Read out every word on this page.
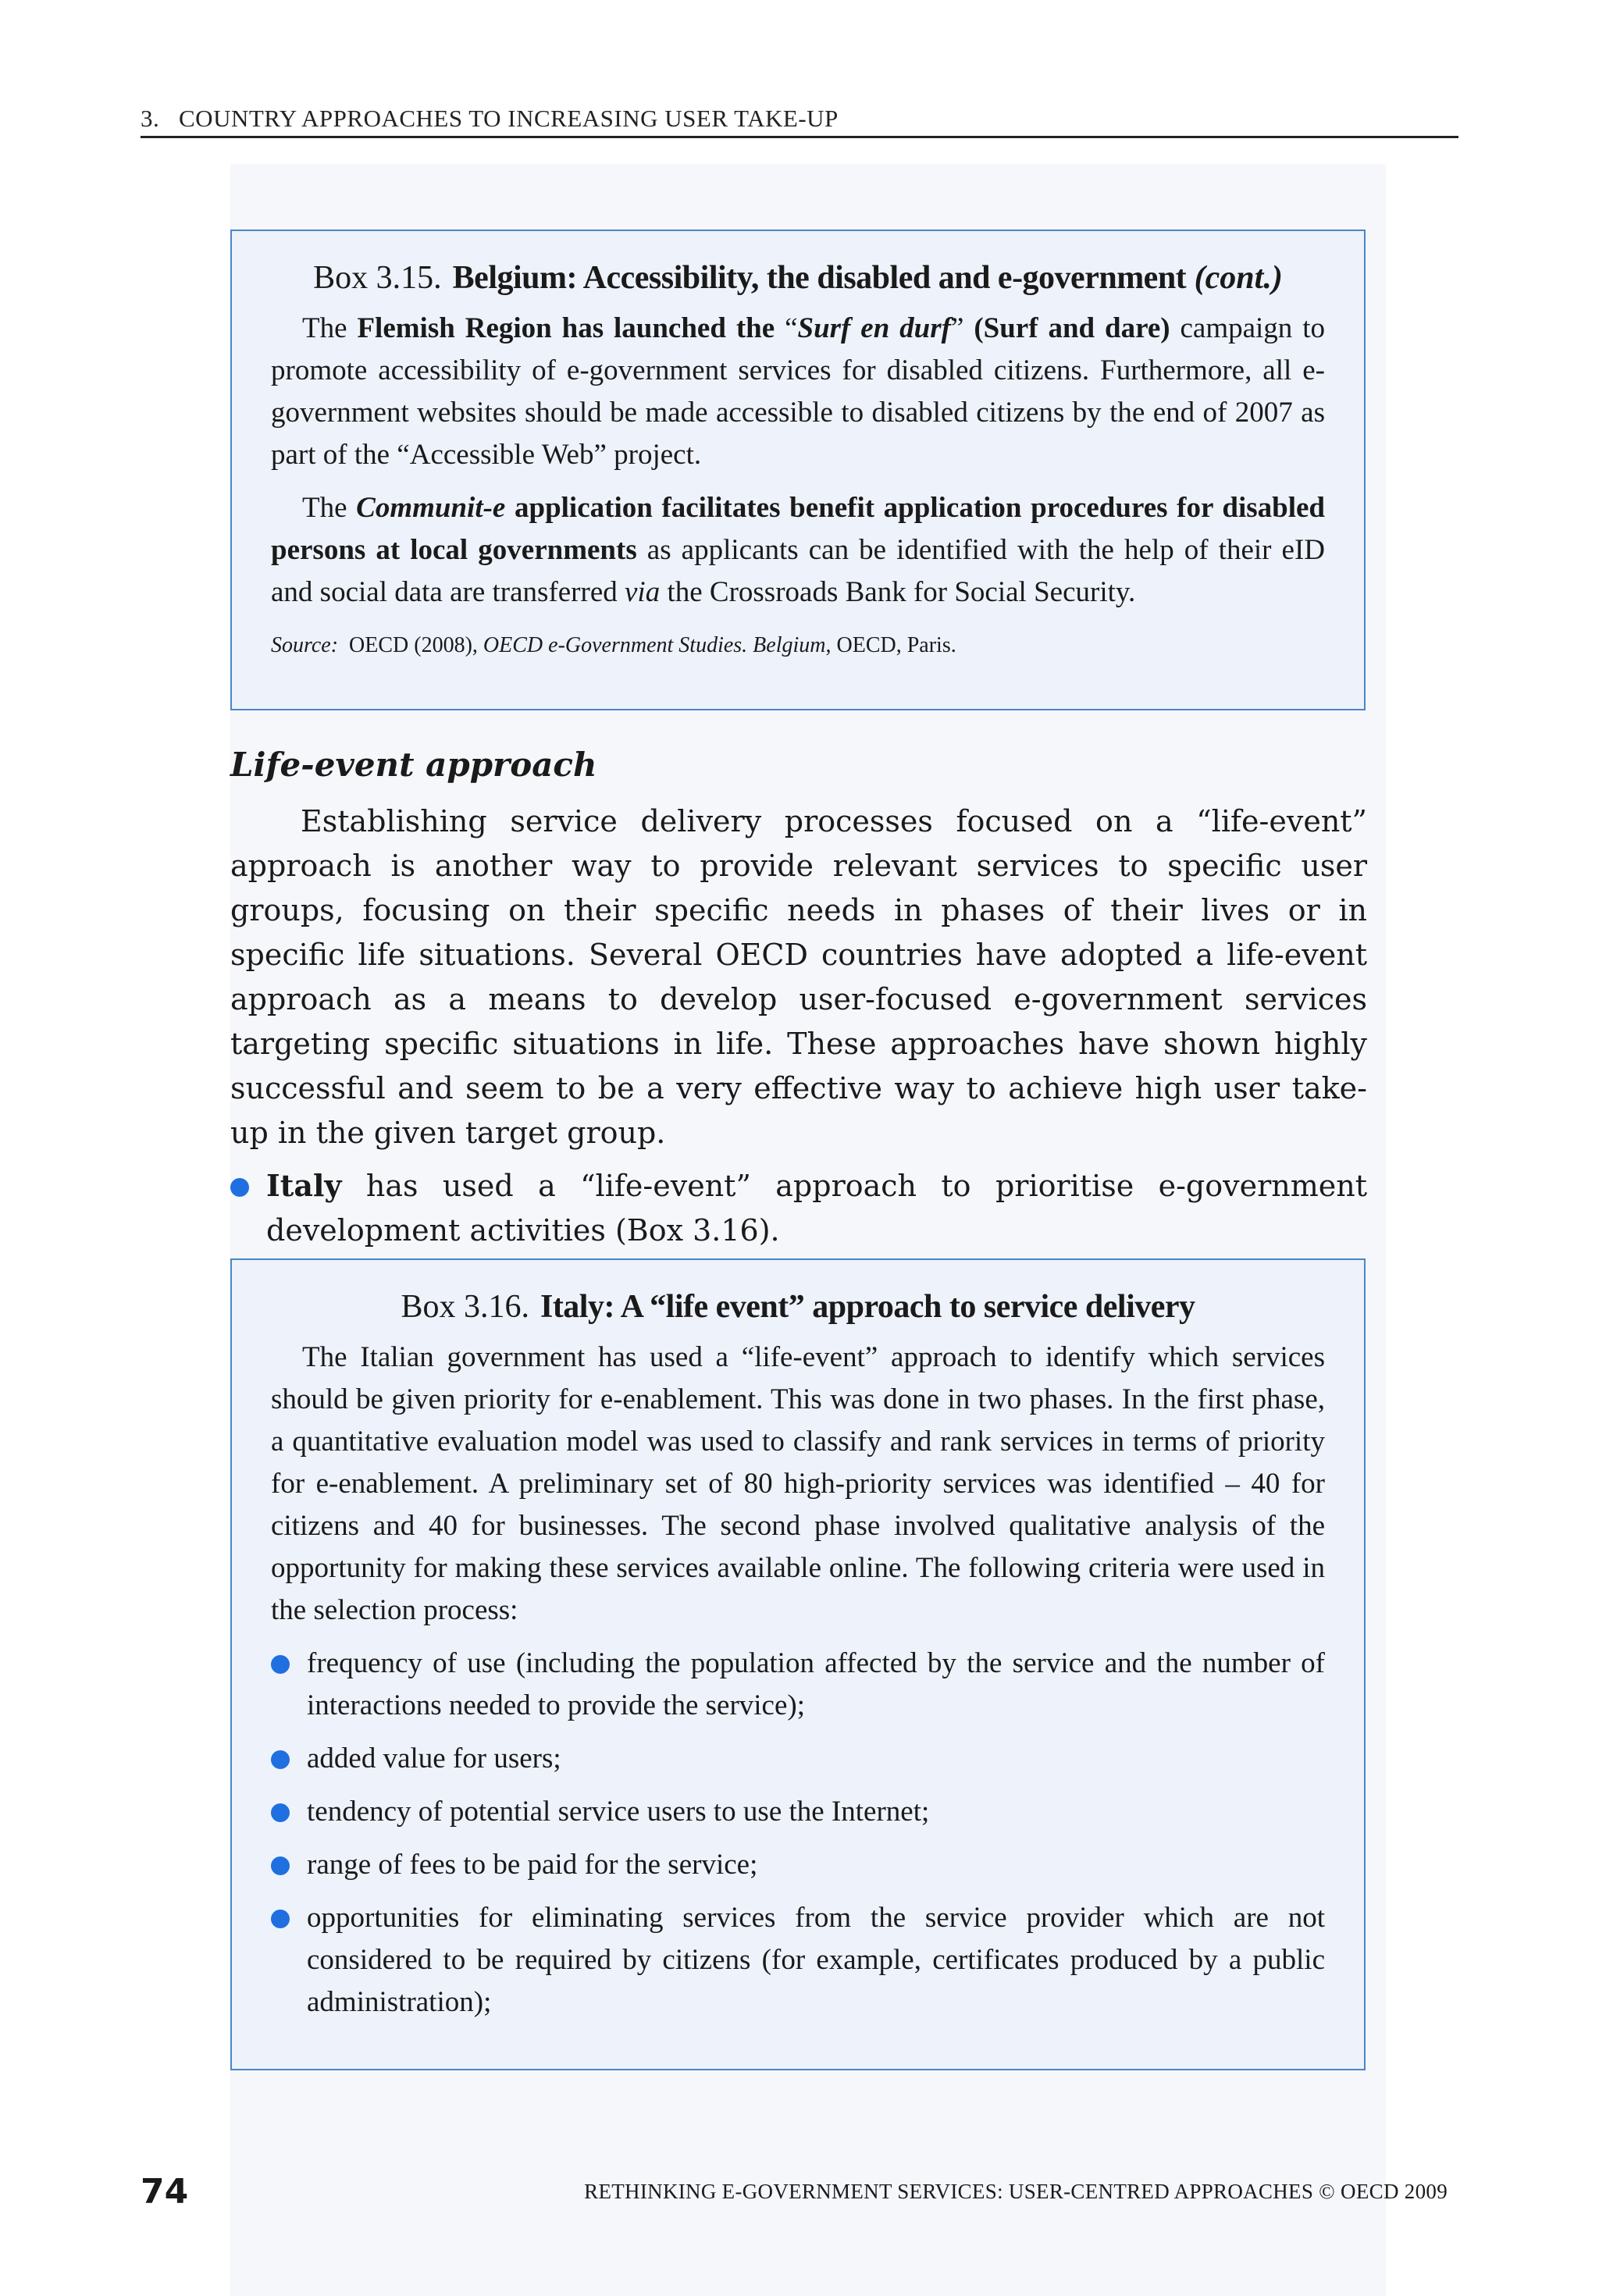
3.   COUNTRY APPROACHES TO INCREASING USER TAKE-UP
Box 3.15. Belgium: Accessibility, the disabled and e-government (cont.)

The Flemish Region has launched the “Surf en durf” (Surf and dare) campaign to promote accessibility of e-government services for disabled citizens. Furthermore, all e-government websites should be made accessible to disabled citizens by the end of 2007 as part of the “Accessible Web” project.

The Communit-e application facilitates benefit application procedures for disabled persons at local governments as applicants can be identified with the help of their eID and social data are transferred via the Crossroads Bank for Social Security.

Source:  OECD (2008), OECD e-Government Studies. Belgium, OECD, Paris.

Life-event approach

Establishing service delivery processes focused on a “life-event” approach is another way to provide relevant services to specific user groups, focusing on their specific needs in phases of their lives or in specific life situations. Several OECD countries have adopted a life-event approach as a means to develop user-focused e-government services targeting specific situations in life. These approaches have shown highly successful and seem to be a very effective way to achieve high user take-up in the given target group.

Italy has used a “life-event” approach to prioritise e-government development activities (Box 3.16).
Box 3.16. Italy: A “life event” approach to service delivery

The Italian government has used a “life-event” approach to identify which services should be given priority for e-enablement. This was done in two phases. In the first phase, a quantitative evaluation model was used to classify and rank services in terms of priority for e-enablement. A preliminary set of 80 high-priority services was identified – 40 for citizens and 40 for businesses. The second phase involved qualitative analysis of the opportunity for making these services available online. The following criteria were used in the selection process:

frequency of use (including the population affected by the service and the number of interactions needed to provide the service);
added value for users;
tendency of potential service users to use the Internet;
range of fees to be paid for the service;
opportunities for eliminating services from the service provider which are not considered to be required by citizens (for example, certificates produced by a public administration);
74	RETHINKING E-GOVERNMENT SERVICES: USER-CENTRED APPROACHES © OECD 2009
